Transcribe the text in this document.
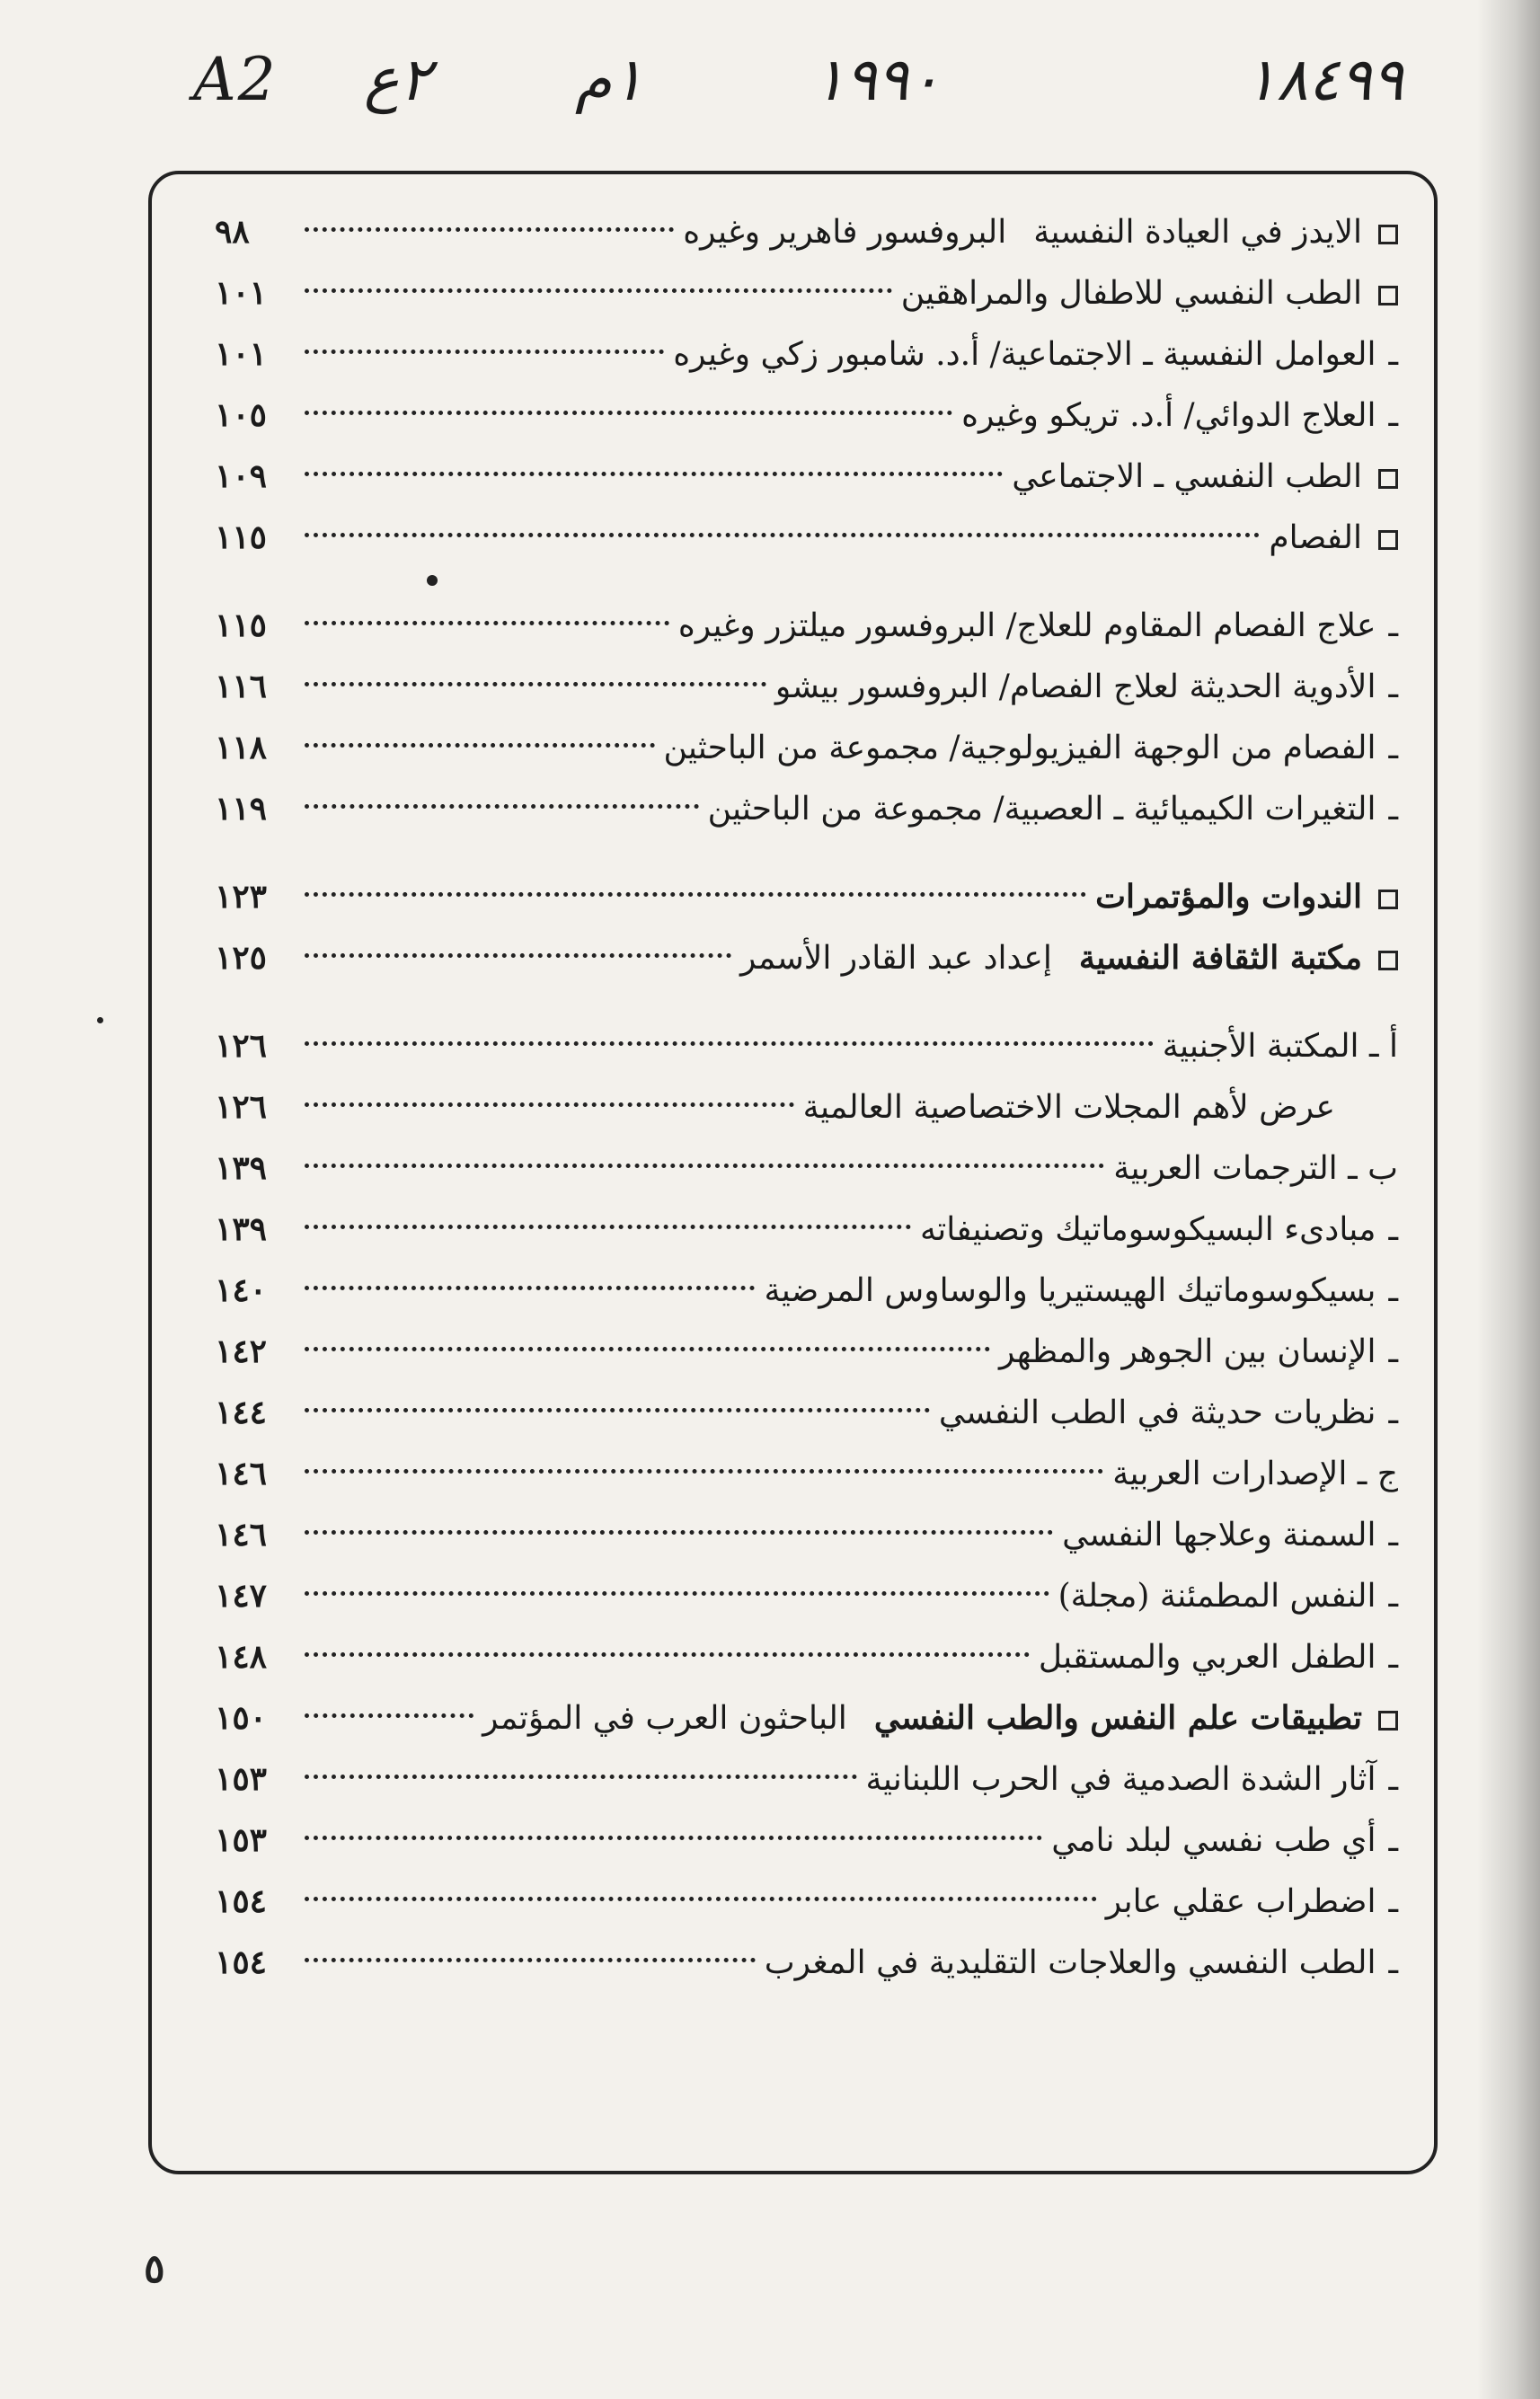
A2 ٢ع ١م	١٩٩٠	١٨٤٩٩
الايدز في العيادة النفسية
البروفسور فاهرير وغيره
٩٨
الطب النفسي للاطفال والمراهقين
١٠١
ـ
العوامل النفسية ـ الاجتماعية/ أ.د. شامبور زكي وغيره
١٠١
ـ
العلاج الدوائي/ أ.د. تريكو وغيره
١٠٥
الطب النفسي ـ الاجتماعي
١٠٩
الفصام
١١٥
ـ
علاج الفصام المقاوم للعلاج/ البروفسور ميلتزر وغيره
١١٥
ـ
الأدوية الحديثة لعلاج الفصام/ البروفسور بيشو
١١٦
ـ
الفصام من الوجهة الفيزيولوجية/ مجموعة من الباحثين
١١٨
ـ
التغيرات الكيميائية ـ العصبية/ مجموعة من الباحثين
١١٩
الندوات والمؤتمرات
١٢٣
مكتبة الثقافة النفسية
إعداد عبد القادر الأسمر
١٢٥
أ ـ المكتبة الأجنبية
١٢٦
عرض لأهم المجلات الاختصاصية العالمية
١٢٦
ب ـ الترجمات العربية
١٣٩
ـ
مبادىء البسيكوسوماتيك وتصنيفاته
١٣٩
ـ
بسيكوسوماتيك الهيستيريا والوساوس المرضية
١٤٠
ـ
الإنسان بين الجوهر والمظهر
١٤٢
ـ
نظريات حديثة في الطب النفسي
١٤٤
ج ـ الإصدارات العربية
١٤٦
ـ
السمنة وعلاجها النفسي
١٤٦
ـ
النفس المطمئنة (مجلة)
١٤٧
ـ
الطفل العربي والمستقبل
١٤٨
تطبيقات علم النفس والطب النفسي
الباحثون العرب في المؤتمر
١٥٠
ـ
آثار الشدة الصدمية في الحرب اللبنانية
١٥٣
ـ
أي طب نفسي لبلد نامي
١٥٣
ـ
اضطراب عقلي عابر
١٥٤
ـ
الطب النفسي والعلاجات التقليدية في المغرب
١٥٤
٥
